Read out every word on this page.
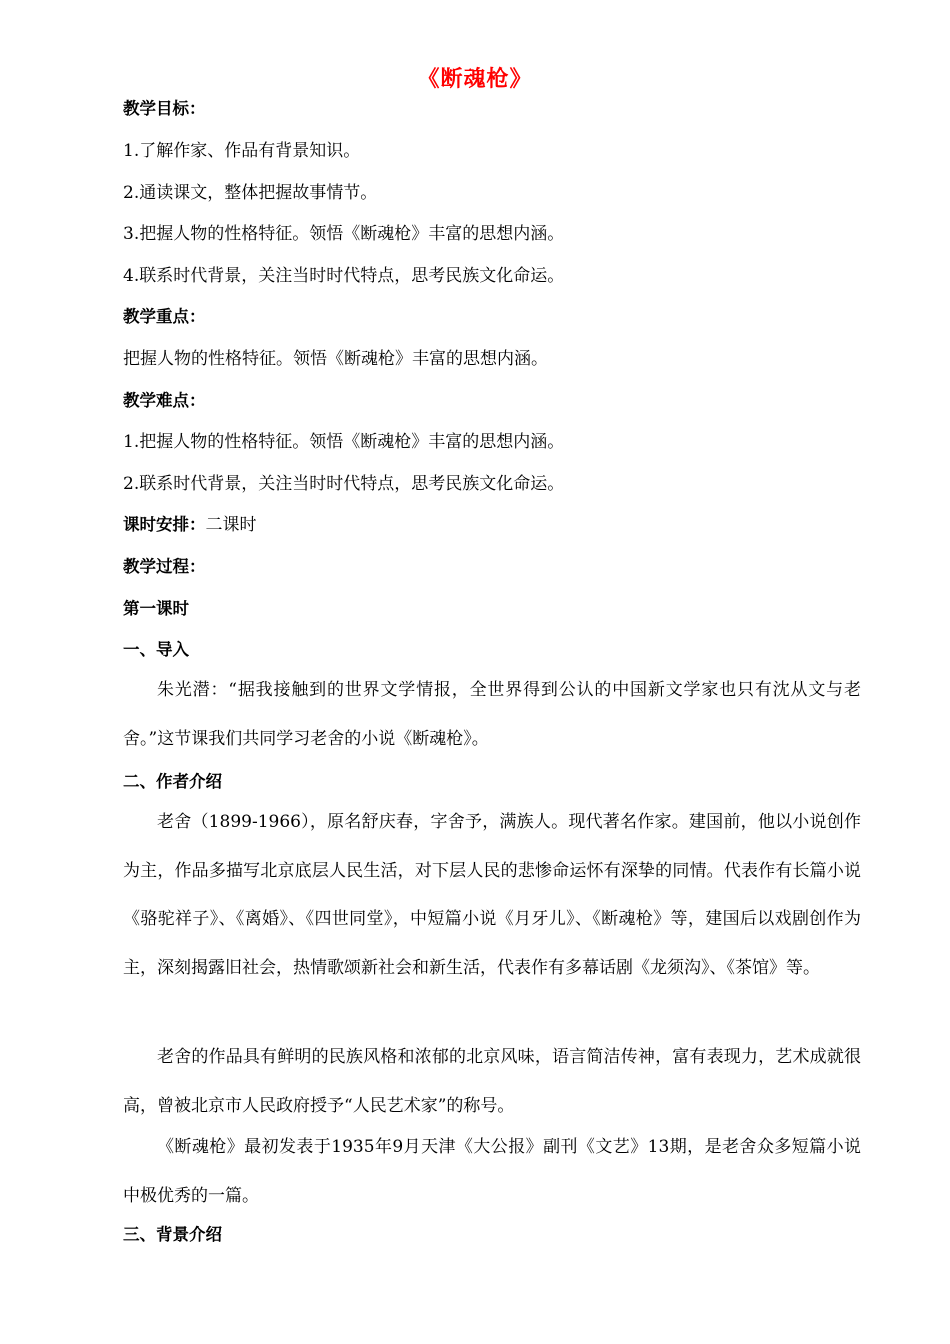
《断魂枪》
教学目标：
1.了解作家、作品有背景知识。
2.通读课文，整体把握故事情节。
3.把握人物的性格特征。领悟《断魂枪》丰富的思想内涵。
4.联系时代背景，关注当时时代特点，思考民族文化命运。
教学重点：
把握人物的性格特征。领悟《断魂枪》丰富的思想内涵。
教学难点：
1.把握人物的性格特征。领悟《断魂枪》丰富的思想内涵。
2.联系时代背景，关注当时时代特点，思考民族文化命运。
课时安排：二课时
教学过程：
第一课时
一、导入
朱光潜：“据我接触到的世界文学情报，全世界得到公认的中国新文学家也只有沈从文与老舍。”这节课我们共同学习老舍的小说《断魂枪》。
二、作者介绍
老舍（1899-1966），原名舒庆春，字舍予，满族人。现代著名作家。建国前，他以小说创作为主，作品多描写北京底层人民生活，对下层人民的悲惨命运怀有深挚的同情。代表作有长篇小说《骆驼祥子》、《离婚》、《四世同堂》，中短篇小说《月牙儿》、《断魂枪》等，建国后以戏剧创作为主，深刻揭露旧社会，热情歌颂新社会和新生活，代表作有多幕话剧《龙须沟》、《茶馆》等。
老舍的作品具有鲜明的民族风格和浓郁的北京风味，语言简洁传神，富有表现力，艺术成就很高，曾被北京市人民政府授予“人民艺术家”的称号。
《断魂枪》最初发表于1935年9月天津《大公报》副刊《文艺》13期，是老舍众多短篇小说中极优秀的一篇。
三、背景介绍
